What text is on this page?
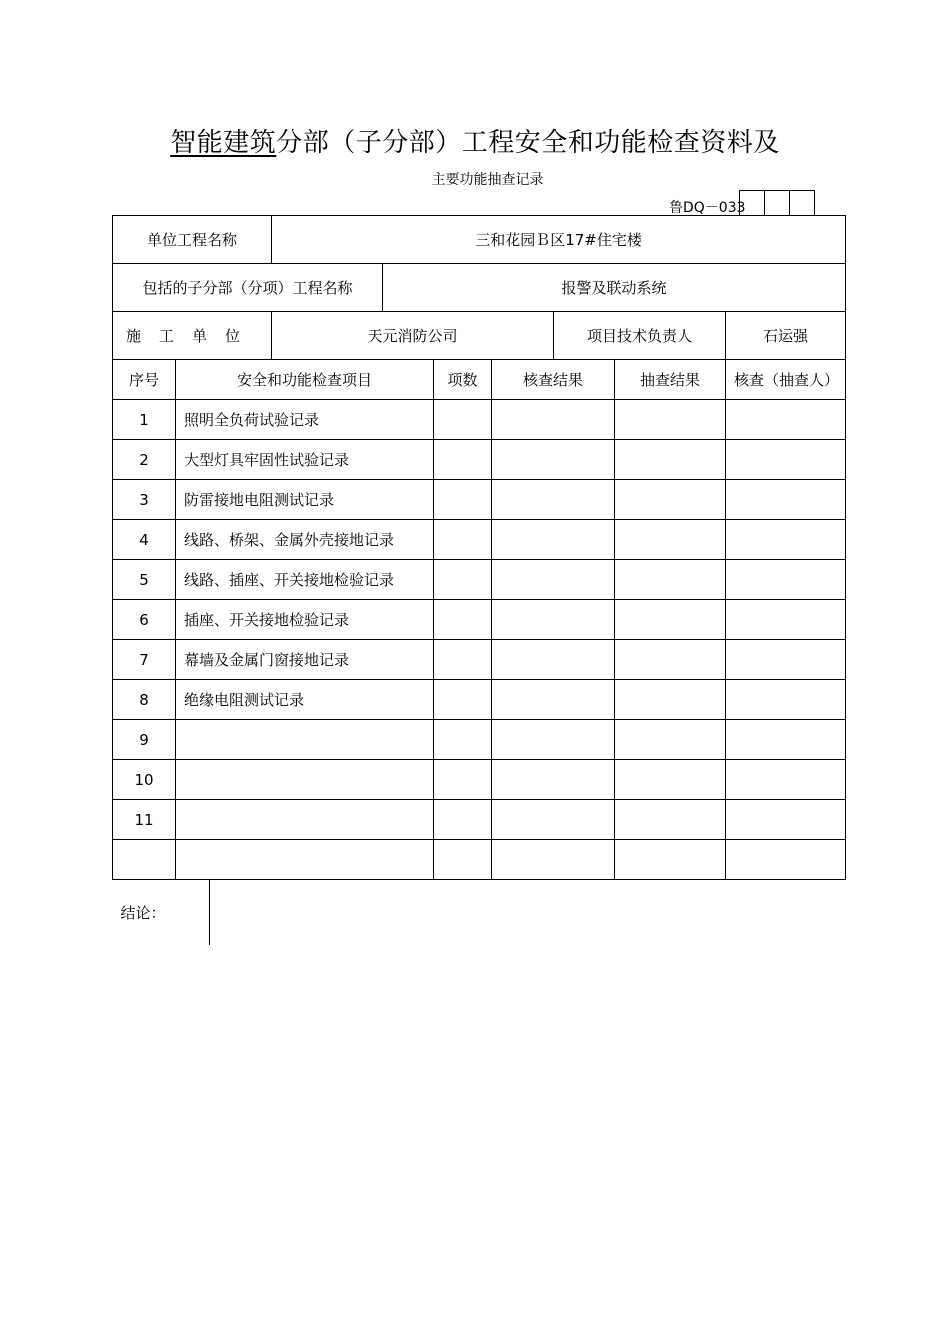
智能建筑分部（子分部）工程安全和功能检查资料及
主要功能抽查记录
鲁DQ－033
单位工程名称		三和花园Ｂ区17#住宅楼						
包括的子分部（分项）工程名称			报警及联动系统					
施工单位		天元消防公司				项目技术负责人		石运强
序号	安全和功能检查项目			项数	核查结果		抽查结果	核查（抽查人）
1	照明全负荷试验记录							
2	大型灯具牢固性试验记录							
3	防雷接地电阻测试记录							
4	线路、桥架、金属外壳接地记录							
5	线路、插座、开关接地检验记录							
6	插座、开关接地检验记录							
7	幕墙及金属门窗接地记录							
8	绝缘电阻测试记录							
9								
10								
11								

结论：								
